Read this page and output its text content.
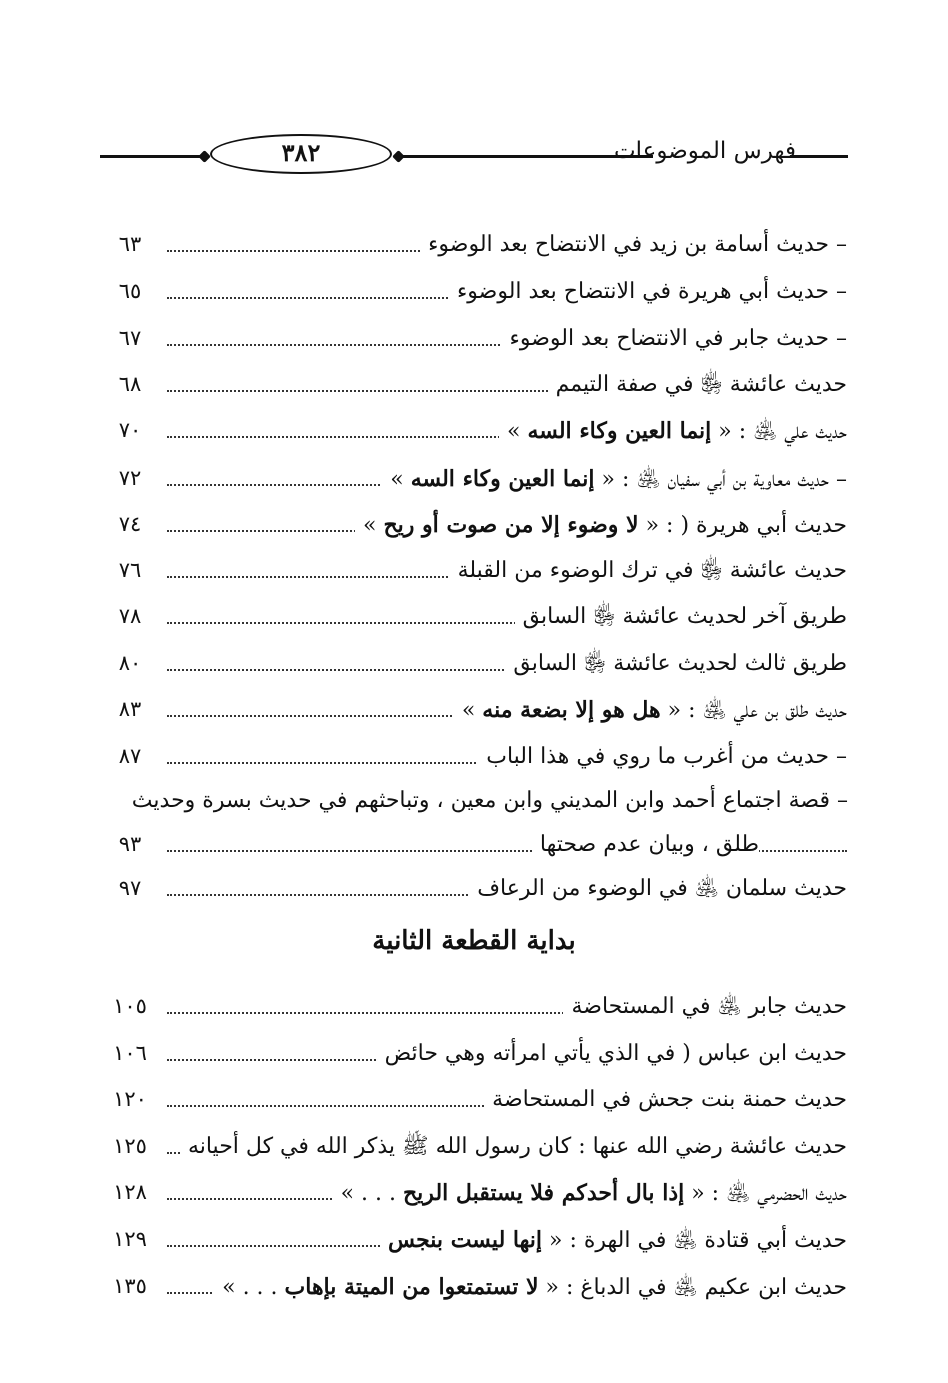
٣٨٢	فهرس الموضوعات
٦٣	– حديث أسامة بن زيد في الانتضاح بعد الوضوء
٦٥	– حديث أبي هريرة في الانتضاح بعد الوضوء
٦٧	– حديث جابر في الانتضاح بعد الوضوء
٦٨	حديث عائشة ﵂ في صفة التيمم
٧٠	حديث علي ﵁ : « إنما العين وكاء السه »
٧٢	– حديث معاوية بن أبي سفيان ﵁ : « إنما العين وكاء السه »
٧٤	حديث أبي هريرة ( : « لا وضوء إلا من صوت أو ريح »
٧٦	حديث عائشة ﵂ في ترك الوضوء من القبلة
٧٨	طريق آخر لحديث عائشة ﵂ السابق
٨٠	طريق ثالث لحديث عائشة ﵂ السابق
٨٣	حديث طلق بن علي ﵁ : « هل هو إلا بضعة منه »
٨٧	– حديث من أغرب ما روي في هذا الباب
– قصة اجتماع أحمد وابن المديني وابن معين ، وتباحثهم في حديث بسرة وحديث
٩٣	طلق ، وبيان عدم صحتها
٩٧	حديث سلمان ﵁ في الوضوء من الرعاف
بداية القطعة الثانية
١٠٥	حديث جابر ﵁ في المستحاضة
١٠٦	حديث ابن عباس ( في الذي يأتي امرأته وهي حائض
١٢٠	حديث حمنة بنت جحش في المستحاضة
١٢٥	حديث عائشة رضي الله عنها : كان رسول الله ﷺ يذكر الله في كل أحيانه
١٢٨	حديث الحضرمي ﵁ : « إذا بال أحدكم فلا يستقبل الريح . . . »
١٢٩	حديث أبي قتادة ﵁ في الهرة : « إنها ليست بنجس
١٣٥	حديث ابن عكيم ﵁ في الدباغ : « لا تستمتعوا من الميتة بإهاب . . . »
